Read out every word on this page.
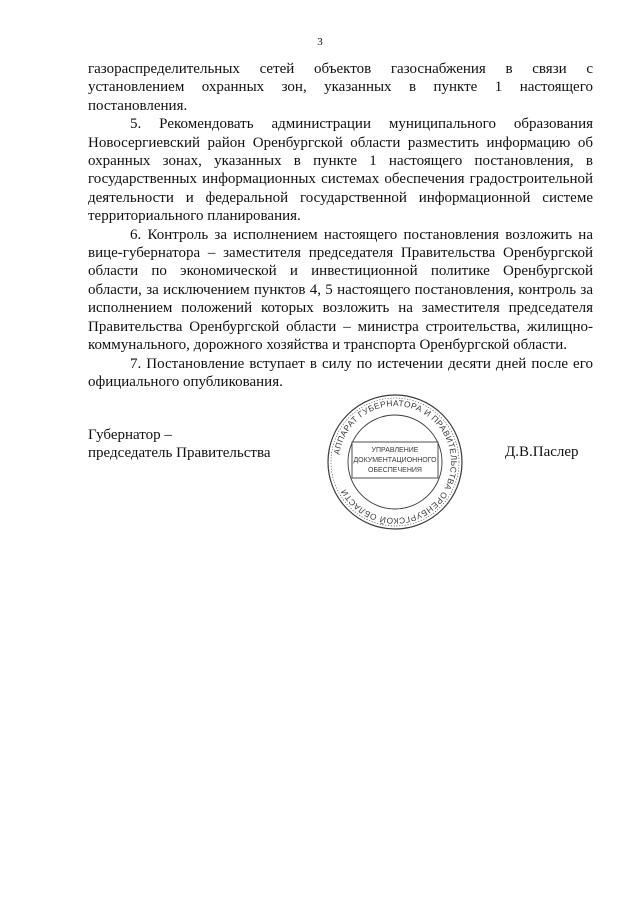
3

газораспределительных сетей объектов газоснабжения в связи с установлением охранных зон, указанных в пункте 1 настоящего постановления.

5. Рекомендовать администрации муниципального образования Новосергиевский район Оренбургской области разместить информацию об охранных зонах, указанных в пункте 1 настоящего постановления, в государственных информационных системах обеспечения градостроительной деятельности и федеральной государственной информационной системе территориального планирования.

6. Контроль за исполнением настоящего постановления возложить на вице-губернатора – заместителя председателя Правительства Оренбургской области по экономической и инвестиционной политике Оренбургской области, за исключением пунктов 4, 5 настоящего постановления, контроль за исполнением положений которых возложить на заместителя председателя Правительства Оренбургской области – министра строительства, жилищно-коммунального, дорожного хозяйства и транспорта Оренбургской области.

7. Постановление вступает в силу по истечении десяти дней после его официального опубликования.

Губернатор –
председатель Правительства	Д.В.Паслер
АППАРАТ ГУБЕРНАТОРА И ПРАВИТЕЛЬСТВА ОРЕНБУРГСКОЙ ОБЛАСТИ
УПРАВЛЕНИЕ
ДОКУМЕНТАЦИОННОГО
ОБЕСПЕЧЕНИЯ
